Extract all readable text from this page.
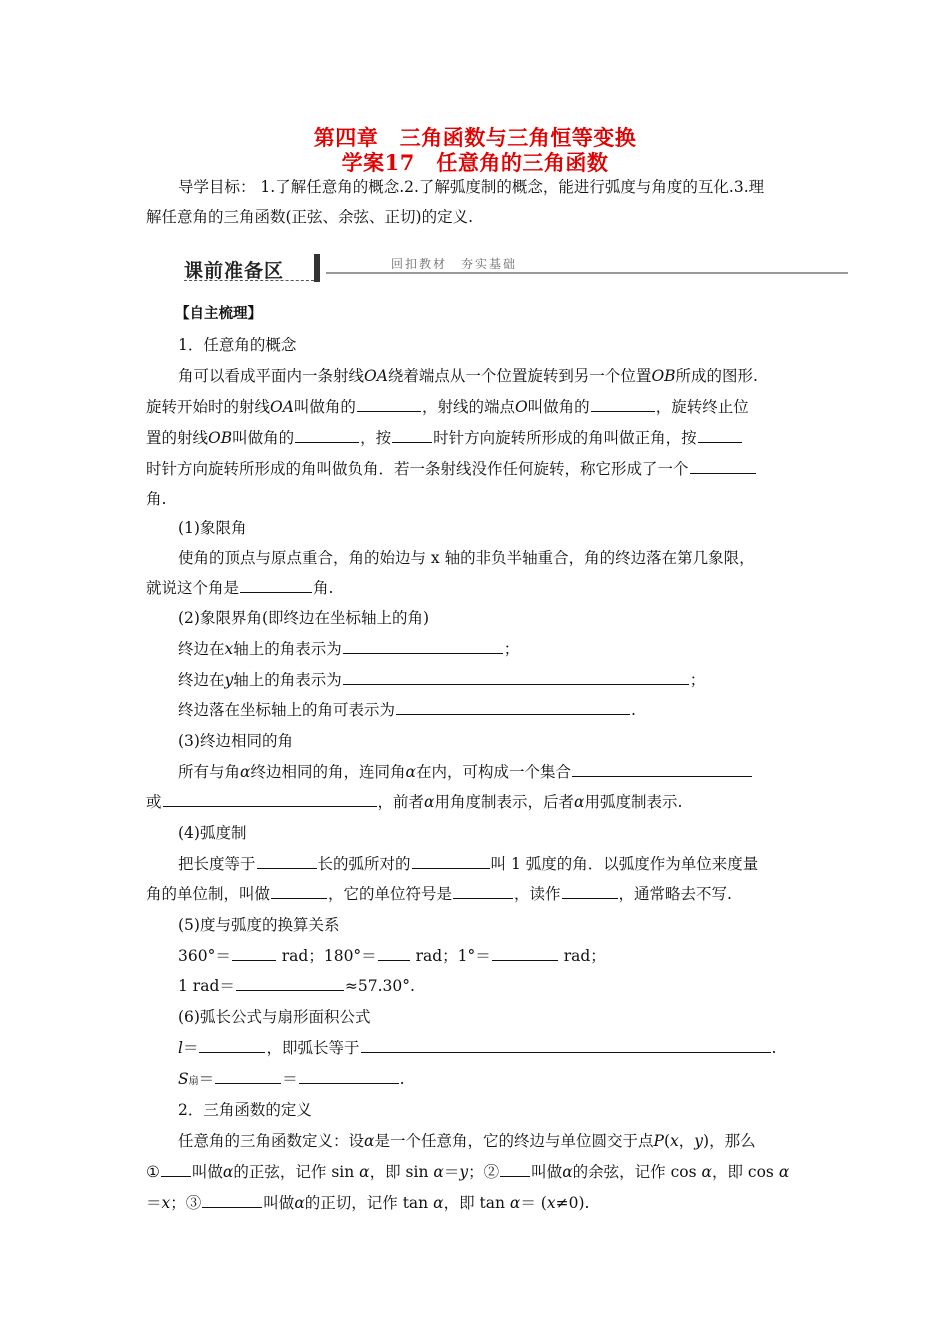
第四章　三角函数与三角恒等变换
学案17　任意角的三角函数
导学目标： 1.了解任意角的概念.2.了解弧度制的概念，能进行弧度与角度的互化.3.理
解任意角的三角函数(正弦、余弦、正切)的定义.
课前准备区	回扣教材　夯实基础
【自主梳理】
1．任意角的概念
角可以看成平面内一条射线OA绕着端点从一个位置旋转到另一个位置OB所成的图形.
旋转开始时的射线OA叫做角的	，射线的端点O叫做角的	，旋转终止位
置的射线OB叫做角的	，按	时针方向旋转所形成的角叫做正角，按
时针方向旋转所形成的角叫做负角．若一条射线没作任何旋转，称它形成了一个
角.
(1)象限角
使角的顶点与原点重合，角的始边与 x 轴的非负半轴重合，角的终边落在第几象限，
就说这个角是	角.
(2)象限界角(即终边在坐标轴上的角)
终边在x轴上的角表示为	；
终边在y轴上的角表示为	；
终边落在坐标轴上的角可表示为	.
(3)终边相同的角
所有与角α终边相同的角，连同角α在内，可构成一个集合
或	，前者α用角度制表示，后者α用弧度制表示.
(4)弧度制
把长度等于	长的弧所对的	叫 1 弧度的角．以弧度作为单位来度量
角的单位制，叫做	，它的单位符号是	，读作	，通常略去不写.
(5)度与弧度的换算关系
360°＝	rad；180°＝ rad；1°＝	rad；
1 rad＝	≈57.30°.
(6)弧长公式与扇形面积公式
l＝	，即弧长等于	.
S扇＝	＝	.
2．三角函数的定义
任意角的三角函数定义：设α是一个任意角，它的终边与单位圆交于点P(x，y)，那么
① 叫做α的正弦，记作 sin α，即 sin α＝y；② 叫做α的余弦，记作 cos α，即 cos α
＝x；③	叫做α的正切，记作 tan α，即 tan α＝ (x≠0).
